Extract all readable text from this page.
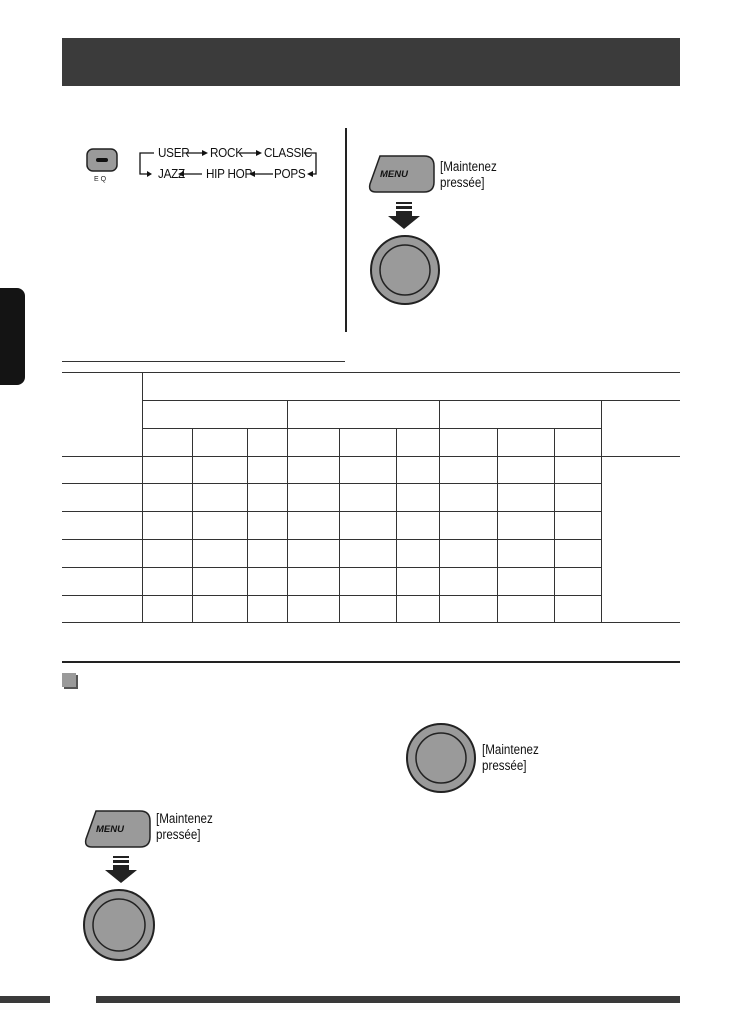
EQ
USER ROCK CLASSIC
JAZZ HIP HOP POPS	MENU
[Maintenez pressée]

[Maintenez pressée]
MENU
[Maintenez pressée]
